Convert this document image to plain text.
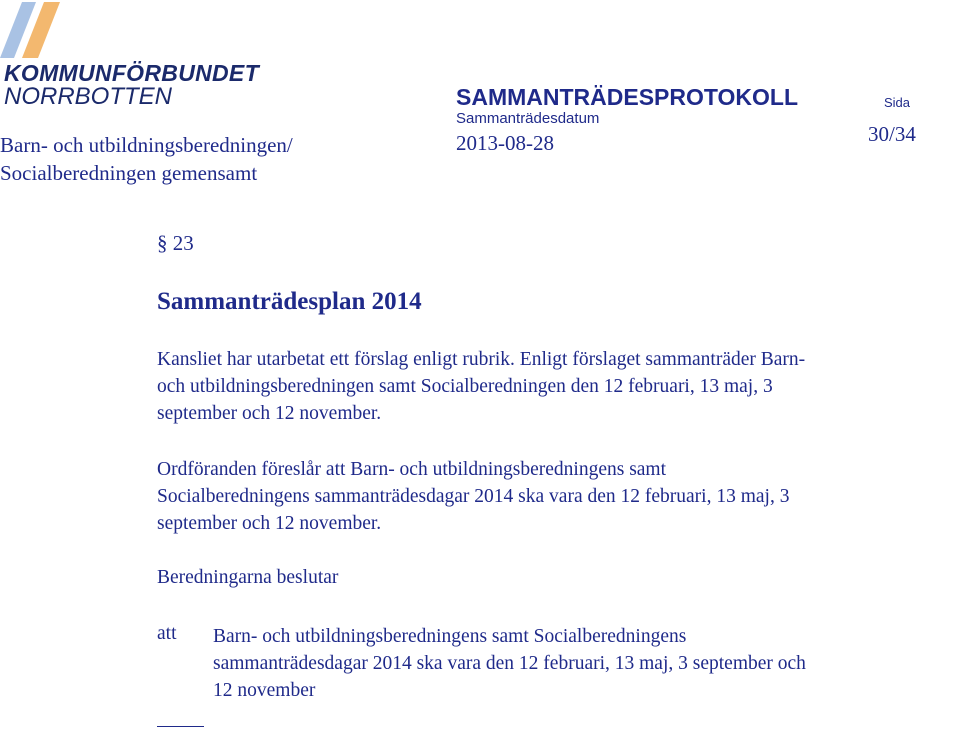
KOMMUNFÖRBUNDET
NORRBOTTEN	SAMMANTRÄDESPROTOKOLL	Sida
Sammanträdesdatum
30/34
2013-08-28
Barn- och utbildningsberedningen/
Socialberedningen gemensamt
§ 23
Sammanträdesplan 2014
Kansliet har utarbetat ett förslag enligt rubrik. Enligt förslaget sammanträder Barn-
och utbildningsberedningen samt Socialberedningen den 12 februari, 13 maj, 3
september och 12 november.
Ordföranden föreslår att Barn- och utbildningsberedningens samt
Socialberedningens sammanträdesdagar 2014 ska vara den 12 februari, 13 maj, 3
september och 12 november.
Beredningarna beslutar
att Barn- och utbildningsberedningens samt Socialberedningens
sammanträdesdagar 2014 ska vara den 12 februari, 13 maj, 3 september och
12 november
